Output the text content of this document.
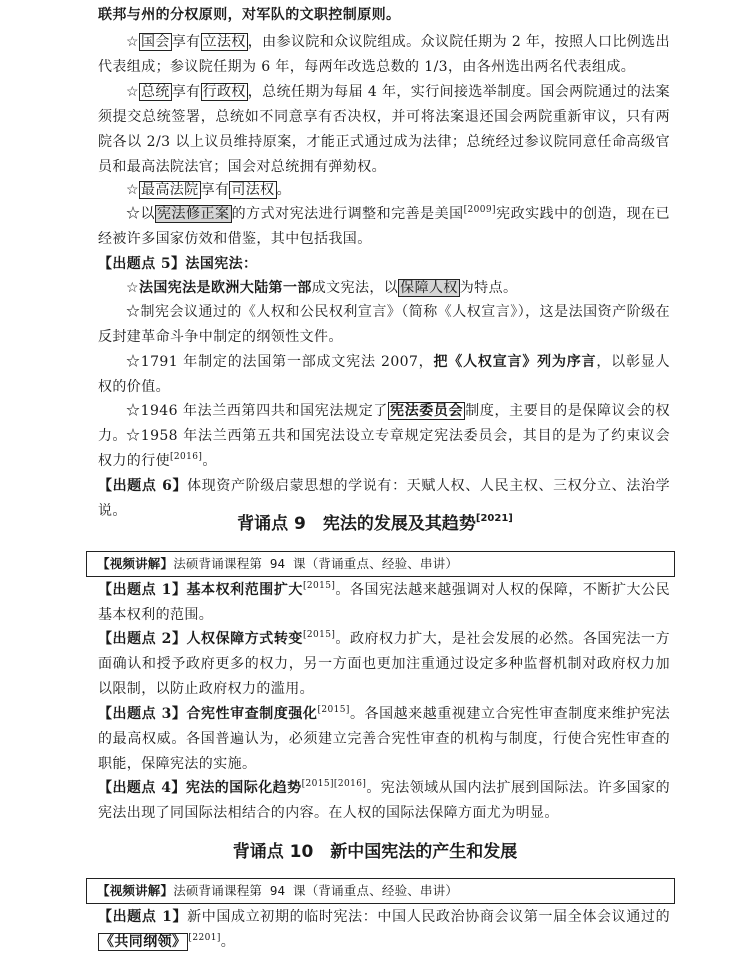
联邦与州的分权原则，对军队的文职控制原则。

☆ 国会 享有 立法权 ，由参议院和众议院组成。众议院任期为 2 年，按照人口比例选出代表组成；参议院任期为 6 年，每两年改选总数的 1/3，由各州选出两名代表组成。

☆ 总统 享有 行政权 ，总统任期为每届 4 年，实行间接选举制度。国会两院通过的法案须提交总统签署，总统如不同意享有否决权，并可将法案退还国会两院重新审议，只有两院各以 2/3 以上议员维持原案，才能正式通过成为法律；总统经过参议院同意任命高级官员和最高法院法官；国会对总统拥有弹劾权。

☆ 最高法院 享有 司法权 。

☆以 宪法修正案 的方式对宪法进行调整和完善是美国[2009]宪政实践中的创造，现在已经被许多国家仿效和借鉴，其中包括我国。

【出题点 5】法国宪法：

☆法国宪法是欧洲大陆第一部成文宪法，以 保障人权 为特点。

☆制宪会议通过的《人权和公民权利宣言》（简称《人权宣言》），这是法国资产阶级在反封建革命斗争中制定的纲领性文件。

☆1791 年制定的法国第一部成文宪法 2007，把《人权宣言》列为序言，以彰显人权的价值。

☆1946 年法兰西第四共和国宪法规定了 宪法委员会 制度，主要目的是保障议会的权力。 ☆1958 年法兰西第五共和国宪法设立专章规定宪法委员会，其目的是为了约束议会权力的行使[2016]。

【出题点 6】体现资产阶级启蒙思想的学说有：天赋人权、人民主权、三权分立、法治学说。

背诵点 9　宪法的发展及其趋势[2021]
【视频讲解】法硕背诵课程第 94 课（背诵重点、经验、串讲）

【出题点 1】基本权利范围扩大[2015]。各国宪法越来越强调对人权的保障，不断扩大公民基本权利的范围。

【出题点 2】人权保障方式转变[2015]。政府权力扩大，是社会发展的必然。各国宪法一方面确认和授予政府更多的权力，另一方面也更加注重通过设定多种监督机制对政府权力加以限制，以防止政府权力的滥用。

【出题点 3】合宪性审查制度强化[2015]。各国越来越重视建立合宪性审查制度来维护宪法的最高权威。各国普遍认为，必须建立完善合宪性审查的机构与制度，行使合宪性审查的职能，保障宪法的实施。

【出题点 4】宪法的国际化趋势[2015][2016]。宪法领域从国内法扩展到国际法。许多国家的宪法出现了同国际法相结合的内容。在人权的国际法保障方面尤为明显。

背诵点 10　新中国宪法的产生和发展
【视频讲解】法硕背诵课程第 94 课（背诵重点、经验、串讲）

【出题点 1】新中国成立初期的临时宪法：中国人民政治协商会议第一届全体会议通过的《共同纲领》 [2201]。
